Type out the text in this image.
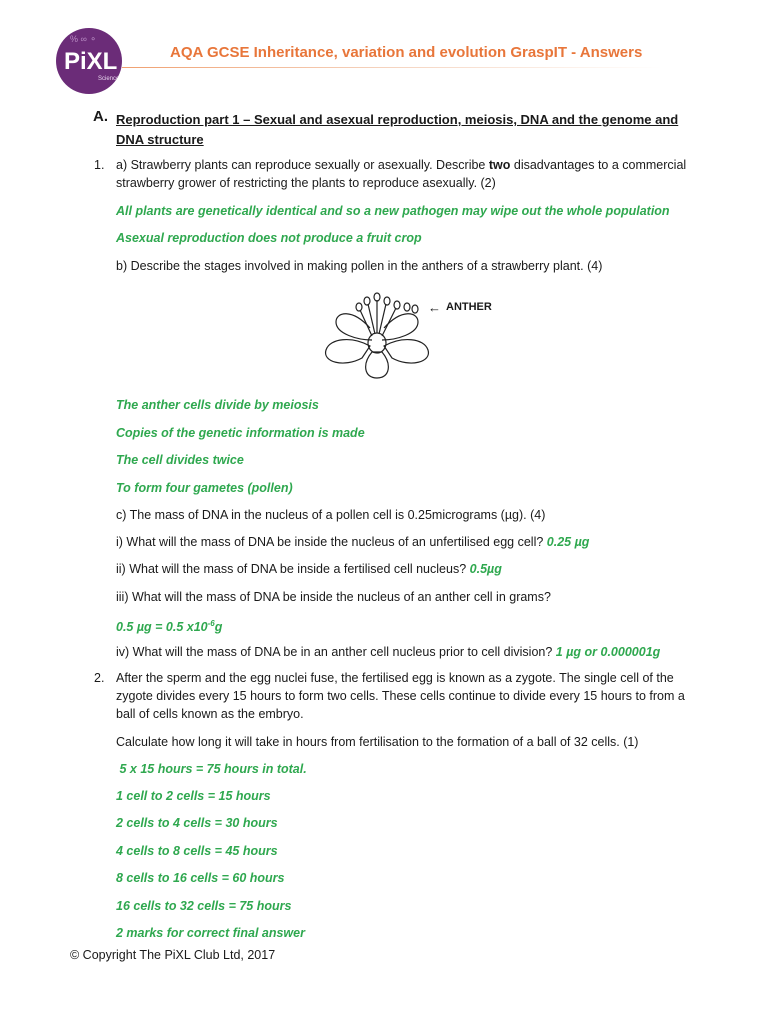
% ∞ ⚬
PiXL
Science
AQA GCSE Inheritance, variation and evolution GraspIT - Answers
A. Reproduction part 1 – Sexual and asexual reproduction, meiosis, DNA and the genome and DNA structure
1. a) Strawberry plants can reproduce sexually or asexually. Describe two disadvantages to a commercial strawberry grower of restricting the plants to reproduce asexually. (2)
All plants are genetically identical and so a new pathogen may wipe out the whole population
Asexual reproduction does not produce a fruit crop
b) Describe the stages involved in making pollen in the anthers of a strawberry plant. (4)
← ANTHER
The anther cells divide by meiosis
Copies of the genetic information is made
The cell divides twice
To form four gametes (pollen)
c) The mass of DNA in the nucleus of a pollen cell is 0.25micrograms (µg). (4)
i) What will the mass of DNA be inside the nucleus of an unfertilised egg cell? 0.25 µg
ii) What will the mass of DNA be inside a fertilised cell nucleus? 0.5µg
iii) What will the mass of DNA be inside the nucleus of an anther cell in grams?
0.5 µg = 0.5 $x10^{-6}g$
iv) What will the mass of DNA be in an anther cell nucleus prior to cell division? 1 µg or 0.000001g
2. After the sperm and the egg nuclei fuse, the fertilised egg is known as a zygote. The single cell of the zygote divides every 15 hours to form two cells. These cells continue to divide every 15 hours to from a ball of cells known as the embryo.
Calculate how long it will take in hours from fertilisation to the formation of a ball of 32 cells. (1)
5 x 15 hours = 75 hours in total.
1 cell to 2 cells = 15 hours
2 cells to 4 cells = 30 hours
4 cells to 8 cells = 45 hours
8 cells to 16 cells = 60 hours
16 cells to 32 cells = 75 hours
2 marks for correct final answer
© Copyright The PiXL Club Ltd, 2017
